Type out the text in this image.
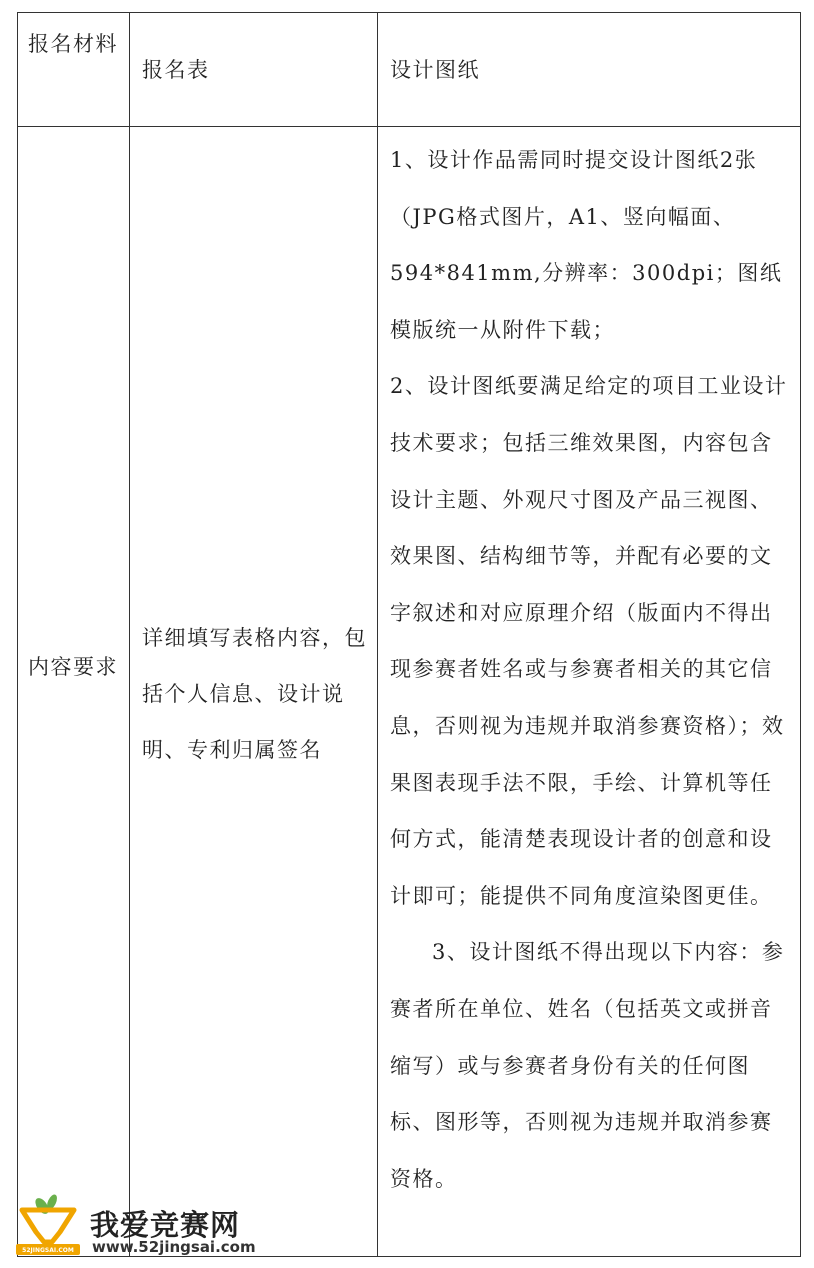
报名材料
报名表	设计图纸
内容要求
详细填写表格内容，包括个人信息、设计说明、专利归属签名

1、设计作品需同时提交设计图纸2张（JPG格式图片，A1、竖向幅面、594*841mm,分辨率：300dpi；图纸模版统一从附件下载；

2、设计图纸要满足给定的项目工业设计技术要求；包括三维效果图，内容包含设计主题、外观尺寸图及产品三视图、效果图、结构细节等，并配有必要的文字叙述和对应原理介绍（版面内不得出现参赛者姓名或与参赛者相关的其它信息，否则视为违规并取消参赛资格）；效果图表现手法不限，手绘、计算机等任何方式，能清楚表现设计者的创意和设计即可；能提供不同角度渲染图更佳。

3、设计图纸不得出现以下内容：参赛者所在单位、姓名（包括英文或拼音缩写）或与参赛者身份有关的任何图标、图形等，否则视为违规并取消参赛资格。

52JINGSAI.COM
我爱竞赛网
www.52jingsai.com
